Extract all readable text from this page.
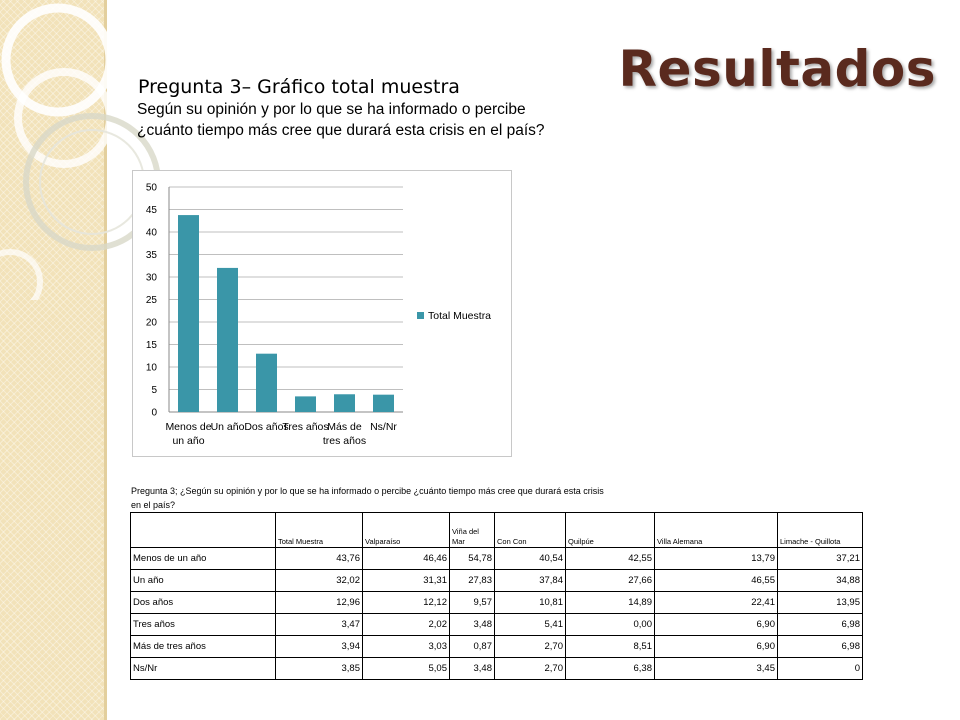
Resultados
Pregunta 3– Gráfico total muestra
Según su opinión y por lo que se ha informado o percibe
¿cuánto tiempo más cree que durará esta crisis en el país?
0
5
10
15
20
25
30
35
40
45
50
Menos de
un año
Un año Dos años
Tres años
Más de
tres años
Ns/Nr
Total Muestra
Pregunta 3; ¿Según su opinión y por lo que se ha informado o percibe ¿cuánto tiempo más cree que durará esta crisis
en el país?
	Total Muestra	Valparaíso	Viña del Mar	Con Con	Quilpúe	Villa Alemana	Limache - Quillota
Menos de un año	43,76	46,46	54,78	40,54	42,55	13,79	37,21
Un año	32,02	31,31	27,83	37,84	27,66	46,55	34,88
Dos años	12,96	12,12	9,57	10,81	14,89	22,41	13,95
Tres años	3,47	2,02	3,48	5,41	0,00	6,90	6,98
Más de tres años	3,94	3,03	0,87	2,70	8,51	6,90	6,98
Ns/Nr	3,85	5,05	3,48	2,70	6,38	3,45	0
